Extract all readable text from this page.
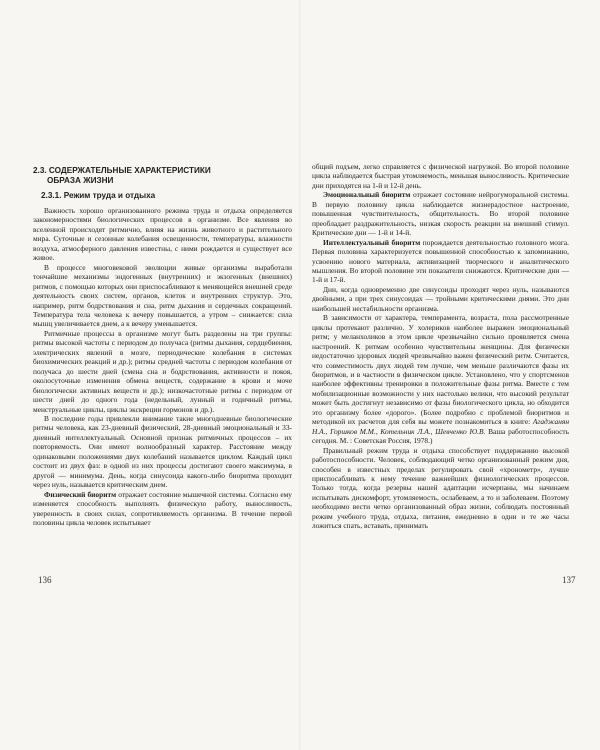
2.3. СОДЕРЖАТЕЛЬНЫЕ ХАРАКТЕРИСТИКИ
ОБРАЗА ЖИЗНИ
2.3.1. Режим труда и отдыха

Важность хорошо организованного режима труда и отдыха определяется закономерностями биологических процессов в организме. Все явления во вселенной происходят ритмично, влияя на жизнь животного и растительного мира. Суточные и сезонные колебания освещенности, температуры, влажности воздуха, атмосферного давления известны, с ними рождается и существует все живое.

В процессе многовековой эволюции живые организмы выработали тончайшие механизмы эндогенных (внутренних) и экзогенных (внешних) ритмов, с помощью которых они приспосабливают к меняющейся внешней среде деятельность своих систем, органов, клеток и внутренних структур. Это, например, ритм бодрствования и сна, ритм дыхания и сердечных сокращений. Температура тела человека к вечеру повышается, а утром – снижается: сила мышц увеличивается днем, а к вечеру уменьшается.

Ритмичные процессы в организме могут быть разделены на три группы: ритмы высокой частоты с периодом до получаса (ритмы дыхания, сердцебиения, электрических явлений в мозге, периодические колебания в системах биохимических реакций и др.); ритмы средней частоты с периодом колебания от получаса до шести дней (смена сна и бодрствования, активности и покоя, околосуточные изменения обмена веществ, содержание в крови и моче биологически активных веществ и др.); низкочастотные ритмы с периодом от шести дней до одного года (недельный, лунный и годичный ритмы, менструальные циклы, циклы экскреции гормонов и др.).

В последние годы привлекли внимание такие многодневные биологические ритмы человека, как 23-дневный физический, 28-дневный эмоциональный и 33-дневный интеллектуальный. Основной признак ритмичных процессов – их повторяемость. Они имеют волнообразный характер. Расстояние между одинаковыми положениями двух колебаний называется циклом. Каждый цикл состоит из двух фаз: в одной из них процессы достигают своего максимума, в другой — минимума. День, когда синусоида какого-либо биоритма проходит через нуль, называется критическим днем.

Физический биоритм отражает состояние мышечной системы. Согласно ему изменяется способность выполнять физическую работу, выносливость, уверенность в своих силах, сопротивляемость организма. В течение первой половины цикла человек испытывает

136

общий подъем, легко справляется с физической нагрузкой. Во второй половине цикла наблюдается быстрая утомляемость, меньшая выносливость. Критические дни приходятся на 1-й и 12-й день.

Эмоциональный биоритм отражает состояние нейрогуморальной системы. В первую половину цикла наблюдается жизнерадостное настроение, повышенная чувствительность, общительность. Во второй половине преобладает раздражительность, низкая скорость реакции на внешний стимул. Критические дни — 1-й и 14-й.

Интеллектуальный биоритм порождается деятельностью головного мозга. Первая половина характеризуется повышенной способностью к запоминанию, усвоению нового материала, активизацией творческого и аналитического мышления. Во второй половине эти показатели снижаются. Критические дни — 1-й и 17-й.

Дни, когда одновременно две синусоиды проходят через нуль, называются двойными, а при трех синусоидах — тройными критическими днями. Это дни наибольшей нестабильности организма.

В зависимости от характера, темперамента, возраста, пола рассмотренные циклы протекают различно. У холериков наиболее выражен эмоциональный ритм; у меланхоликов в этом цикле чрезвычайно сильно проявляется смена настроений. К ритмам особенно чувствительны женщины. Для физически недостаточно здоровых людей чрезвычайно важен физический ритм. Считается, что совместимость двух людей тем лучше, чем меньше различаются фазы их биоритмов, и в частности в физическом цикле. Установлено, что у спортсменов наиболее эффективны тренировки в положительные фазы ритма. Вместе с тем мобилизационные возможности у них настолько велики, что высокий результат может быть достигнут независимо от фазы биологического цикла, но обходится это организму более «дорого». (Более подробно с проблемой биоритмов и методикой их расчетов для себя вы можете познакомиться в книге: Агаджанян Н.А., Горшков М.М., Котельник Л.А., Шевченко Ю.В. Ваша работоспособность сегодня. М. : Советская Россия, 1978.)

Правильный режим труда и отдыха способствует поддержанию высокой работоспособности. Человек, соблюдающий четко организованный режим дня, способен в известных пределах регулировать свой «хронометр», лучше приспосабливать к нему течение важнейших физиологических процессов. Только тогда, когда резервы нашей адаптации исчерпаны, мы начинаем испытывать дискомфорт, утомляемость, ослабеваем, а то и заболеваем. Поэтому необходимо вести четко организованный образ жизни, соблюдать постоянный режим учебного труда, отдыха, питания, ежедневно в одни и те же часы ложиться спать, вставать, принимать

137
